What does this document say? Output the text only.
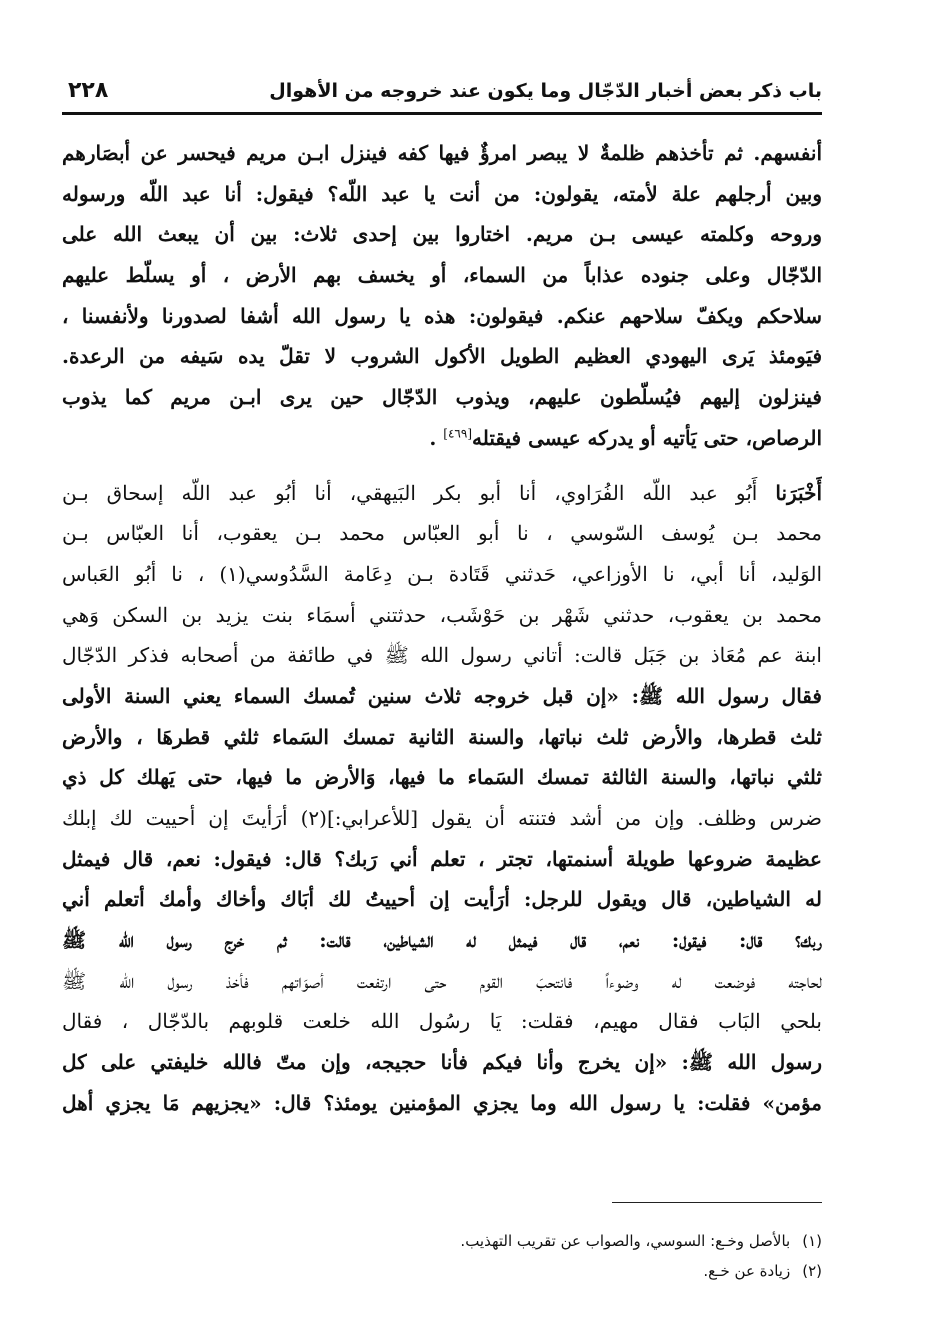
باب ذكر بعض أخبار الدّجّال وما يكون عند خروجه من الأهوال
٢٢٨
أنفسهم. ثم تأخذهم ظلمةٌ لا يبصر امرؤٌ فيها كفه فينزل ابـن مريم فيحسر عن أبصَارهم
وبين أرجلهم علة لأمته، يقولون: من أنت يا عبد اللّه؟ فيقول: أنا عبد اللّه ورسوله
وروحه وكلمته عيسى بـن مريم. اختاروا بين إحدى ثلاث: بين أن يبعث الله على
الدّجّال وعلى جنوده عذاباً من السماء، أو يخسف بهم الأرض ، أو يسلّط عليهم
سلاحكم ويكفّ سلاحهم عنكم. فيقولون: هذه يا رسول الله أشفا لصدورنا ولأنفسنا ،
فيَومئذ يَرى اليهودي العظيم الطويل الأكول الشروب لا تقلّ يده سَيفه من الرعدة.
فينزلون إليهم فيُسلّطون عليهم، ويذوب الدّجّال حين يرى ابـن مريم كما يذوب
الرصاص، حتى يَأتيه أو يدركه عيسى فيقتله[٤٦٩] .
أَخْبَرَنا أَبُو عبد اللّه الفُرَاوي، أنا أبو بكر البَيهقي، أنا أبُو عبد اللّه إسحاق بـن
محمد بـن يُوسف السّوسي ، نا أبو العبّاس محمد بـن يعقوب، أنا العبّاس بـن
الوَليد، أنا أبي، نا الأوزاعي، حَدثني قَتَادة بـن دِعَامة السَّدُوسي(١) ، نا أبُو العَباس
محمد بن يعقوب، حدثني شَهْر بن حَوْشَب، حدثتني أسمَاء بنت يزيد بن السكن وَهي
ابنة عم مُعَاذ بن جَبَل قالت: أتاني رسول الله ﷺ في طائفة من أصحابه فذكر الدّجّال
فقال رسول الله ﷺ: «إن قبل خروجه ثلاث سنين تُمسك السماء يعني السنة الأولى
ثلث قطرها، والأرض ثلث نباتها، والسنة الثانية تمسك السَماء ثلثي قطرهَا ، والأرض
ثلثي نباتها، والسنة الثالثة تمسك السَماء ما فيها، وَالأرض ما فيها، حتى يَهلك كل ذي
ضرس وظلف. وإن من أشد فتنته أن يقول [للأعرابي:](٢) أرَأيتَ إن أحييت لك إبلك
عظيمة ضروعها طويلة أسنمتها، تجتر ، تعلم أني رَبك؟ قال: فيقول: نعم، قال فيمثل
له الشياطين، قال ويقول للرجل: أرَأيت إن أحييتُ لك أبَاك وأخاك وأمك أتعلم أني
ربك؟ قال: فيقول: نعم، قال فيمثل له الشياطين، قالت: ثم خرج رسول الله ﷺ
لحاجته فوضعت له وضوءاً فانتحبَ القوم حتى ارتفعت أصوَاتهم فأخذ رسول الله ﷺ
بلحي البَاب فقال مهيم، فقلت: يَا رسُول الله خلعت قلوبهم بالدّجّال ، فقال
رسول الله ﷺ: «إن يخرج وأنا فيكم فأنا حجيجه، وإن متّ فالله خليفتي على كل
مؤمن» فقلت: يا رسول الله وما يجزي المؤمنين يومئذ؟ قال: «يجزيهم مَا يجزي أهل
(١)بالأصل وخـع: السوسي، والصواب عن تقريب التهذيب.
(٢)زيادة عن خـع.
